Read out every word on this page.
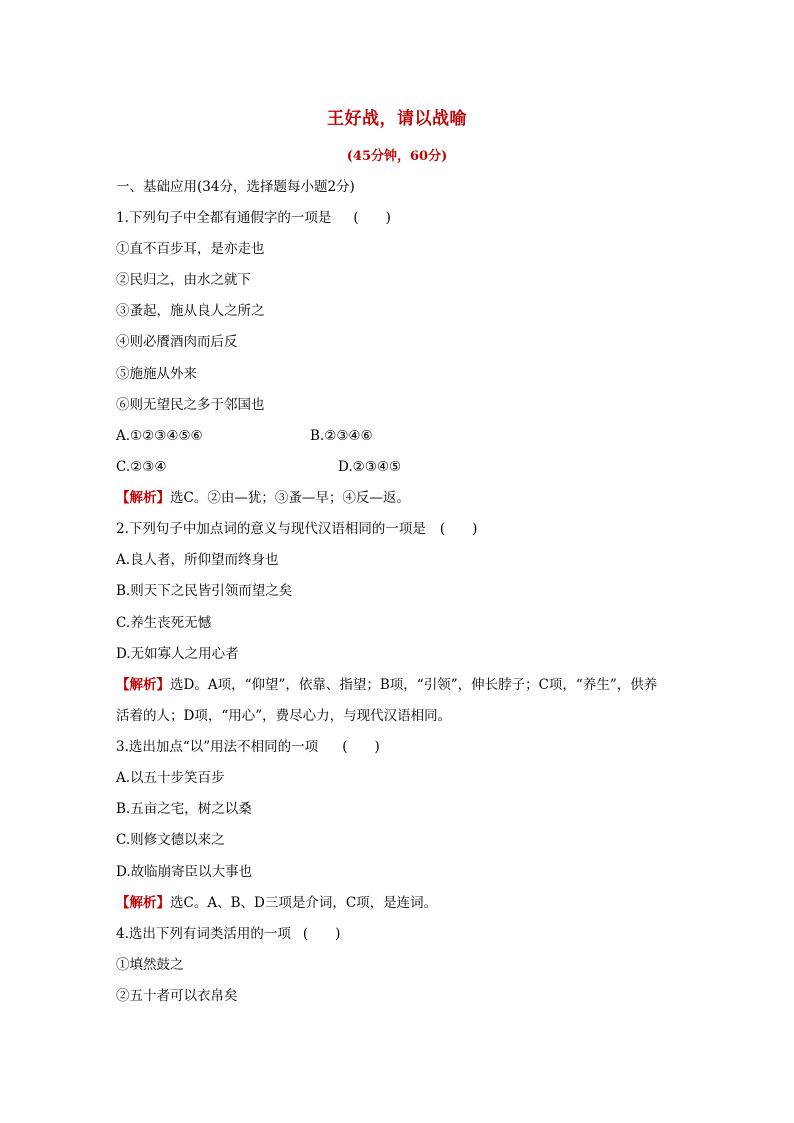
王好战，请以战喻
(45分钟，60分)
一、基础应用(34分，选择题每小题2分)
1.下列句子中全都有通假字的一项是 (　　)
①直不百步耳，是亦走也
②民归之，由水之就下
③蚤起，施从良人之所之
④则必餍酒肉而后反
⑤施施从外来
⑥则无望民之多于邻国也
A.①②③④⑤⑥	B.②③④⑥
C.②③④	D.②③④⑤
【解析】选C。②由—犹；③蚤—早；④反—返。
2.下列句子中加点词的意义与现代汉语相同的一项是 (　　)
A.良人者，所仰望而终身也
B.则天下之民皆引领而望之矣
C.养生丧死无憾
D.无如寡人之用心者
【解析】选D。A项，“仰望”，依靠、指望；B项，“引领”，伸长脖子；C项，“养生”，供养
活着的人；D项，“用心”，费尽心力，与现代汉语相同。
3.选出加点“以”用法不相同的一项 (　　)
A.以五十步笑百步
B.五亩之宅，树之以桑
C.则修文德以来之
D.故临崩寄臣以大事也
【解析】选C。A、B、D三项是介词，C项，是连词。
4.选出下列有词类活用的一项 (　　)
①填然鼓之
②五十者可以衣帛矣
